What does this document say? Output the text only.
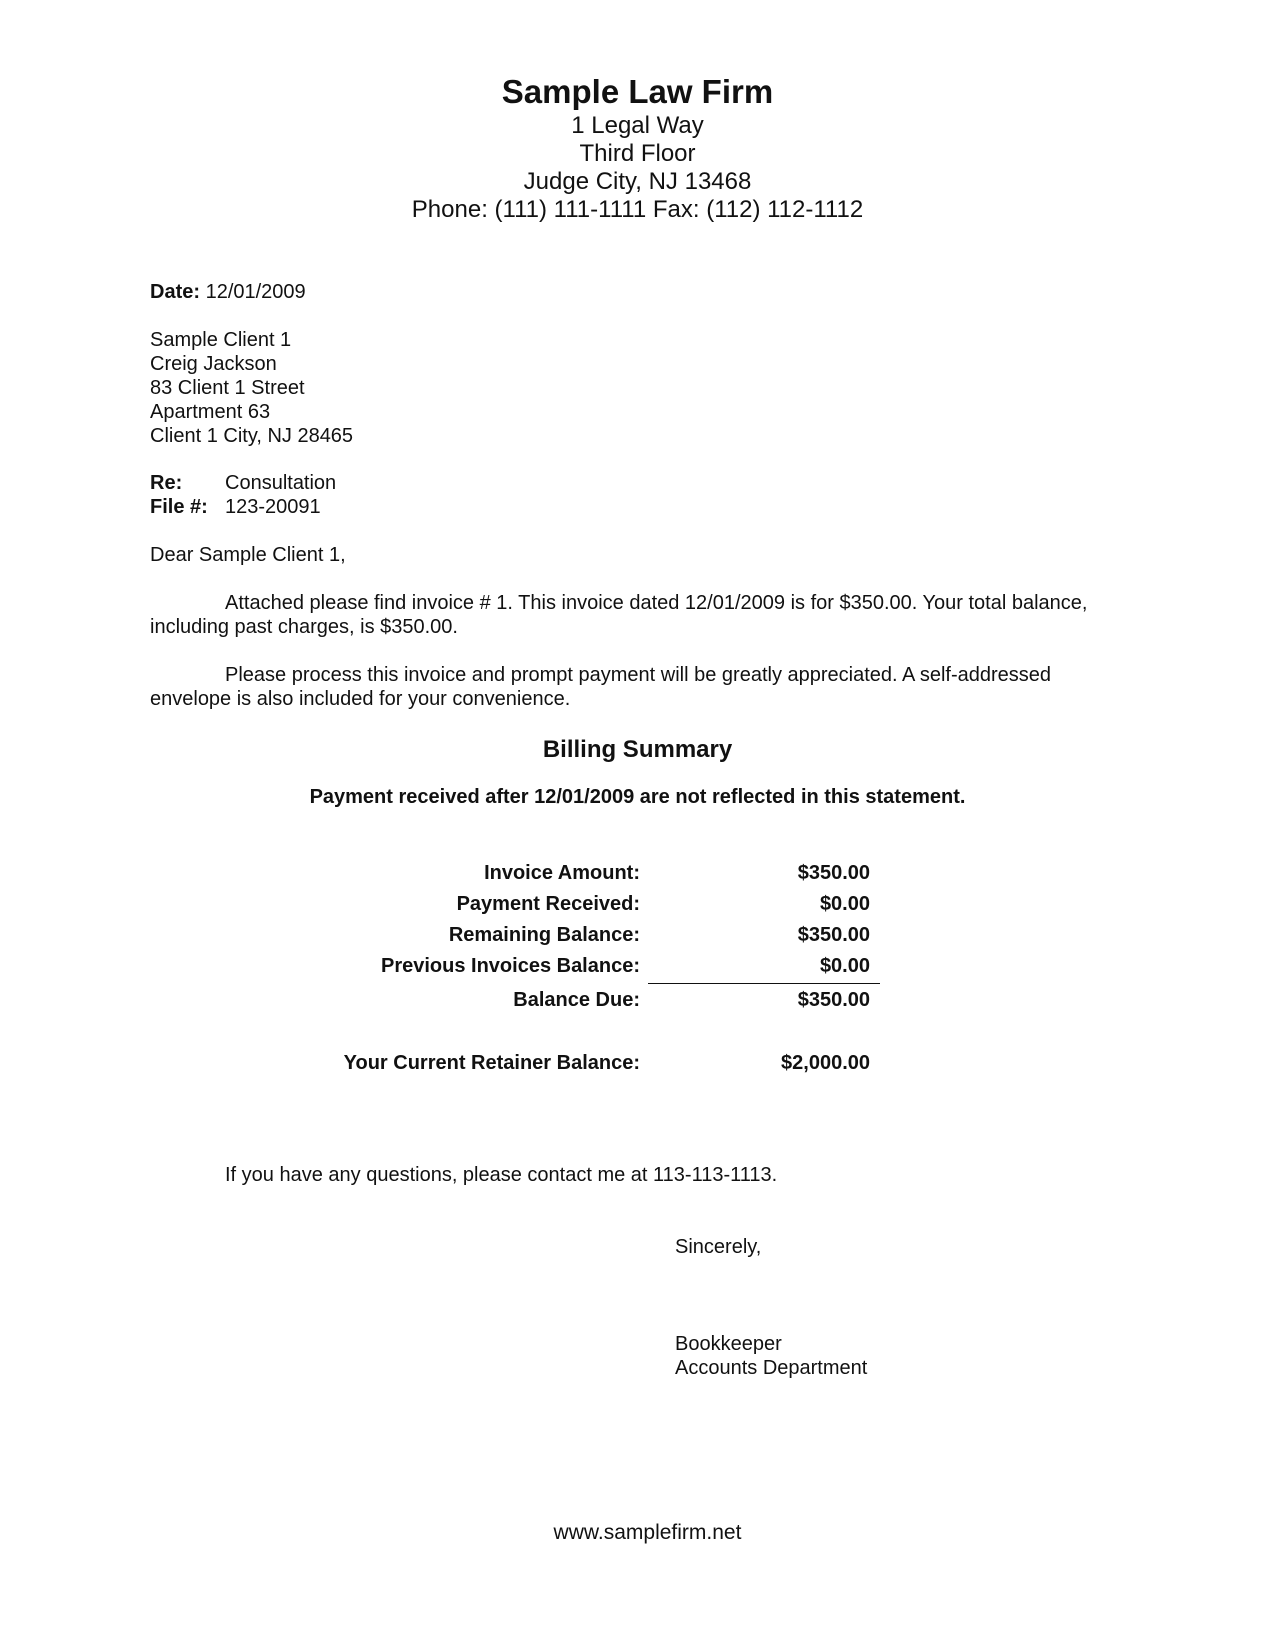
Sample Law Firm
1 Legal Way
Third Floor
Judge City, NJ 13468
Phone: (111) 111-1111 Fax: (112) 112-1112
Date: 12/01/2009
Sample Client 1
Creig Jackson
83 Client 1 Street
Apartment 63
Client 1 City, NJ 28465
Re:	Consultation
File #: 123-20091
Dear Sample Client 1,
Attached please find invoice # 1. This invoice dated 12/01/2009 is for $350.00. Your total balance, including past charges, is $350.00.
Please process this invoice and prompt payment will be greatly appreciated. A self-addressed envelope is also included for your convenience.
Billing Summary
Payment received after 12/01/2009 are not reflected in this statement.
Invoice Amount:	$350.00
Payment Received:	$0.00
Remaining Balance:	$350.00
Previous Invoices Balance:	$0.00
Balance Due:	$350.00
Your Current Retainer Balance:	$2,000.00
If you have any questions, please contact me at 113-113-1113.
Sincerely,
Bookkeeper
Accounts Department
www.samplefirm.net
